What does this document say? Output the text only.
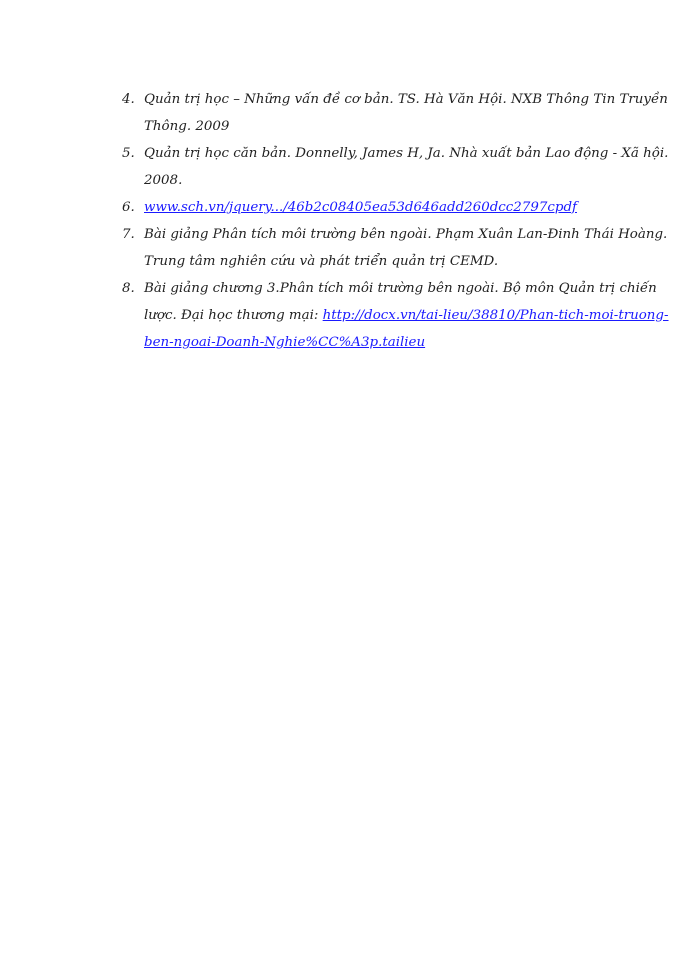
4. Quản trị học – Những vấn đề cơ bản. TS. Hà Văn Hội. NXB Thông Tin Truyền
Thông. 2009
5. Quản trị học căn bản. Donnelly, James H, Ja. Nhà xuất bản Lao động - Xã hội.
2008.
6. www.sch.vn/jquery.../46b2c08405ea53d646add260dcc2797cpdf
7. Bài giảng Phân tích môi trường bên ngoài. Phạm Xuân Lan-Đinh Thái Hoàng.
Trung tâm nghiên cứu và phát triển quản trị CEMD.
8. Bài giảng chương 3.Phân tích môi trường bên ngoài. Bộ môn Quản trị chiến
lược. Đại học thương mại: http://docx.vn/tai-lieu/38810/Phan-tich-moi-truong-
ben-ngoai-Doanh-Nghie%CC%A3p.tailieu
